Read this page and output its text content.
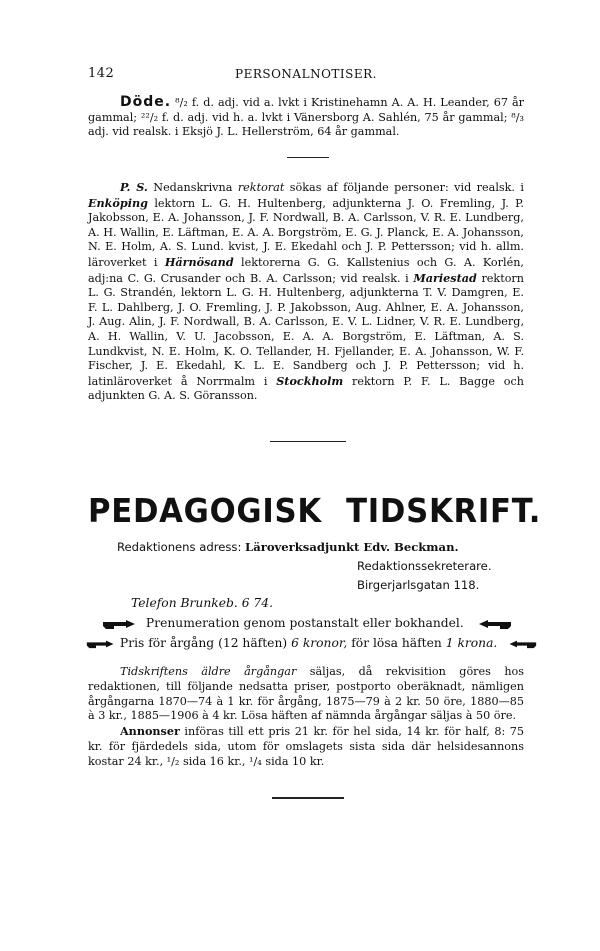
142	PERSONALNOTISER.
Döde. ⁸/₂ f. d. adj. vid a. lvkt i Kristinehamn A. A. H. Leander, 67 år gammal; ²²/₂ f. d. adj. vid h. a. lvkt i Vänersborg A. Sahlén, 75 år gammal; ⁸/₃ adj. vid realsk. i Eksjö J. L. Hellerström, 64 år gammal.
P. S. Nedanskrivna rektorat sökas af följande personer: vid realsk. i Enköping lektorn L. G. H. Hultenberg, adjunkterna J. O. Fremling, J. P. Jakobsson, E. A. Johansson, J. F. Nordwall, B. A. Carlsson, V. R. E. Lundberg, A. H. Wallin, E. Läftman, E. A. A. Borgström, E. G. J. Planck, E. A. Johansson, N. E. Holm, A. S. Lund. kvist, J. E. Ekedahl och J. P. Pettersson; vid h. allm. läroverket i Härnösand lektorerna G. G. Kallstenius och G. A. Korlén, adj:na C. G. Crusander och B. A. Carlsson; vid realsk. i Mariestad rektorn L. G. Strandén, lektorn L. G. H. Hultenberg, adjunkterna T. V. Damgren, E. F. L. Dahlberg, J. O. Fremling, J. P. Jakobsson, Aug. Ahlner, E. A. Johansson, J. Aug. Alin, J. F. Nordwall, B. A. Carlsson, E. V. L. Lidner, V. R. E. Lundberg, A. H. Wallin, V. U. Jacobsson, E. A. A. Borgström, E. Läftman, A. S. Lundkvist, N. E. Holm, K. O. Tellander, H. Fjellander, E. A. Johansson, W. F. Fischer, J. E. Ekedahl, K. L. E. Sandberg och J. P. Pettersson; vid h. latinläroverket å Norrmalm i Stockholm rektorn P. F. L. Bagge och adjunkten G. A. S. Göransson.
PEDAGOGISK TIDSKRIFT.
Redaktionens adress: Läroverksadjunkt Edv. Beckman.
Redaktionssekreterare.
Birgerjarlsgatan 118.
Telefon Brunkeb. 6 74.
Prenumeration genom postanstalt eller bokhandel.
Pris för årgång (12 häften) 6 kronor, för lösa häften 1 krona.
Tidskriftens äldre årgångar säljas, då rekvisition göres hos redaktionen, till följande nedsatta priser, postporto oberäknadt, nämligen årgångarna 1870—74 à 1 kr. för årgång, 1875—79 à 2 kr. 50 öre, 1880—85 à 3 kr., 1885—1906 à 4 kr. Lösa häften af nämnda årgångar säljas à 50 öre.
Annonser införas till ett pris 21 kr. för hel sida, 14 kr. för half, 8: 75 kr. för fjärdedels sida, utom för omslagets sista sida där helsidesannons kostar 24 kr., ¹/₂ sida 16 kr., ¹/₄ sida 10 kr.
